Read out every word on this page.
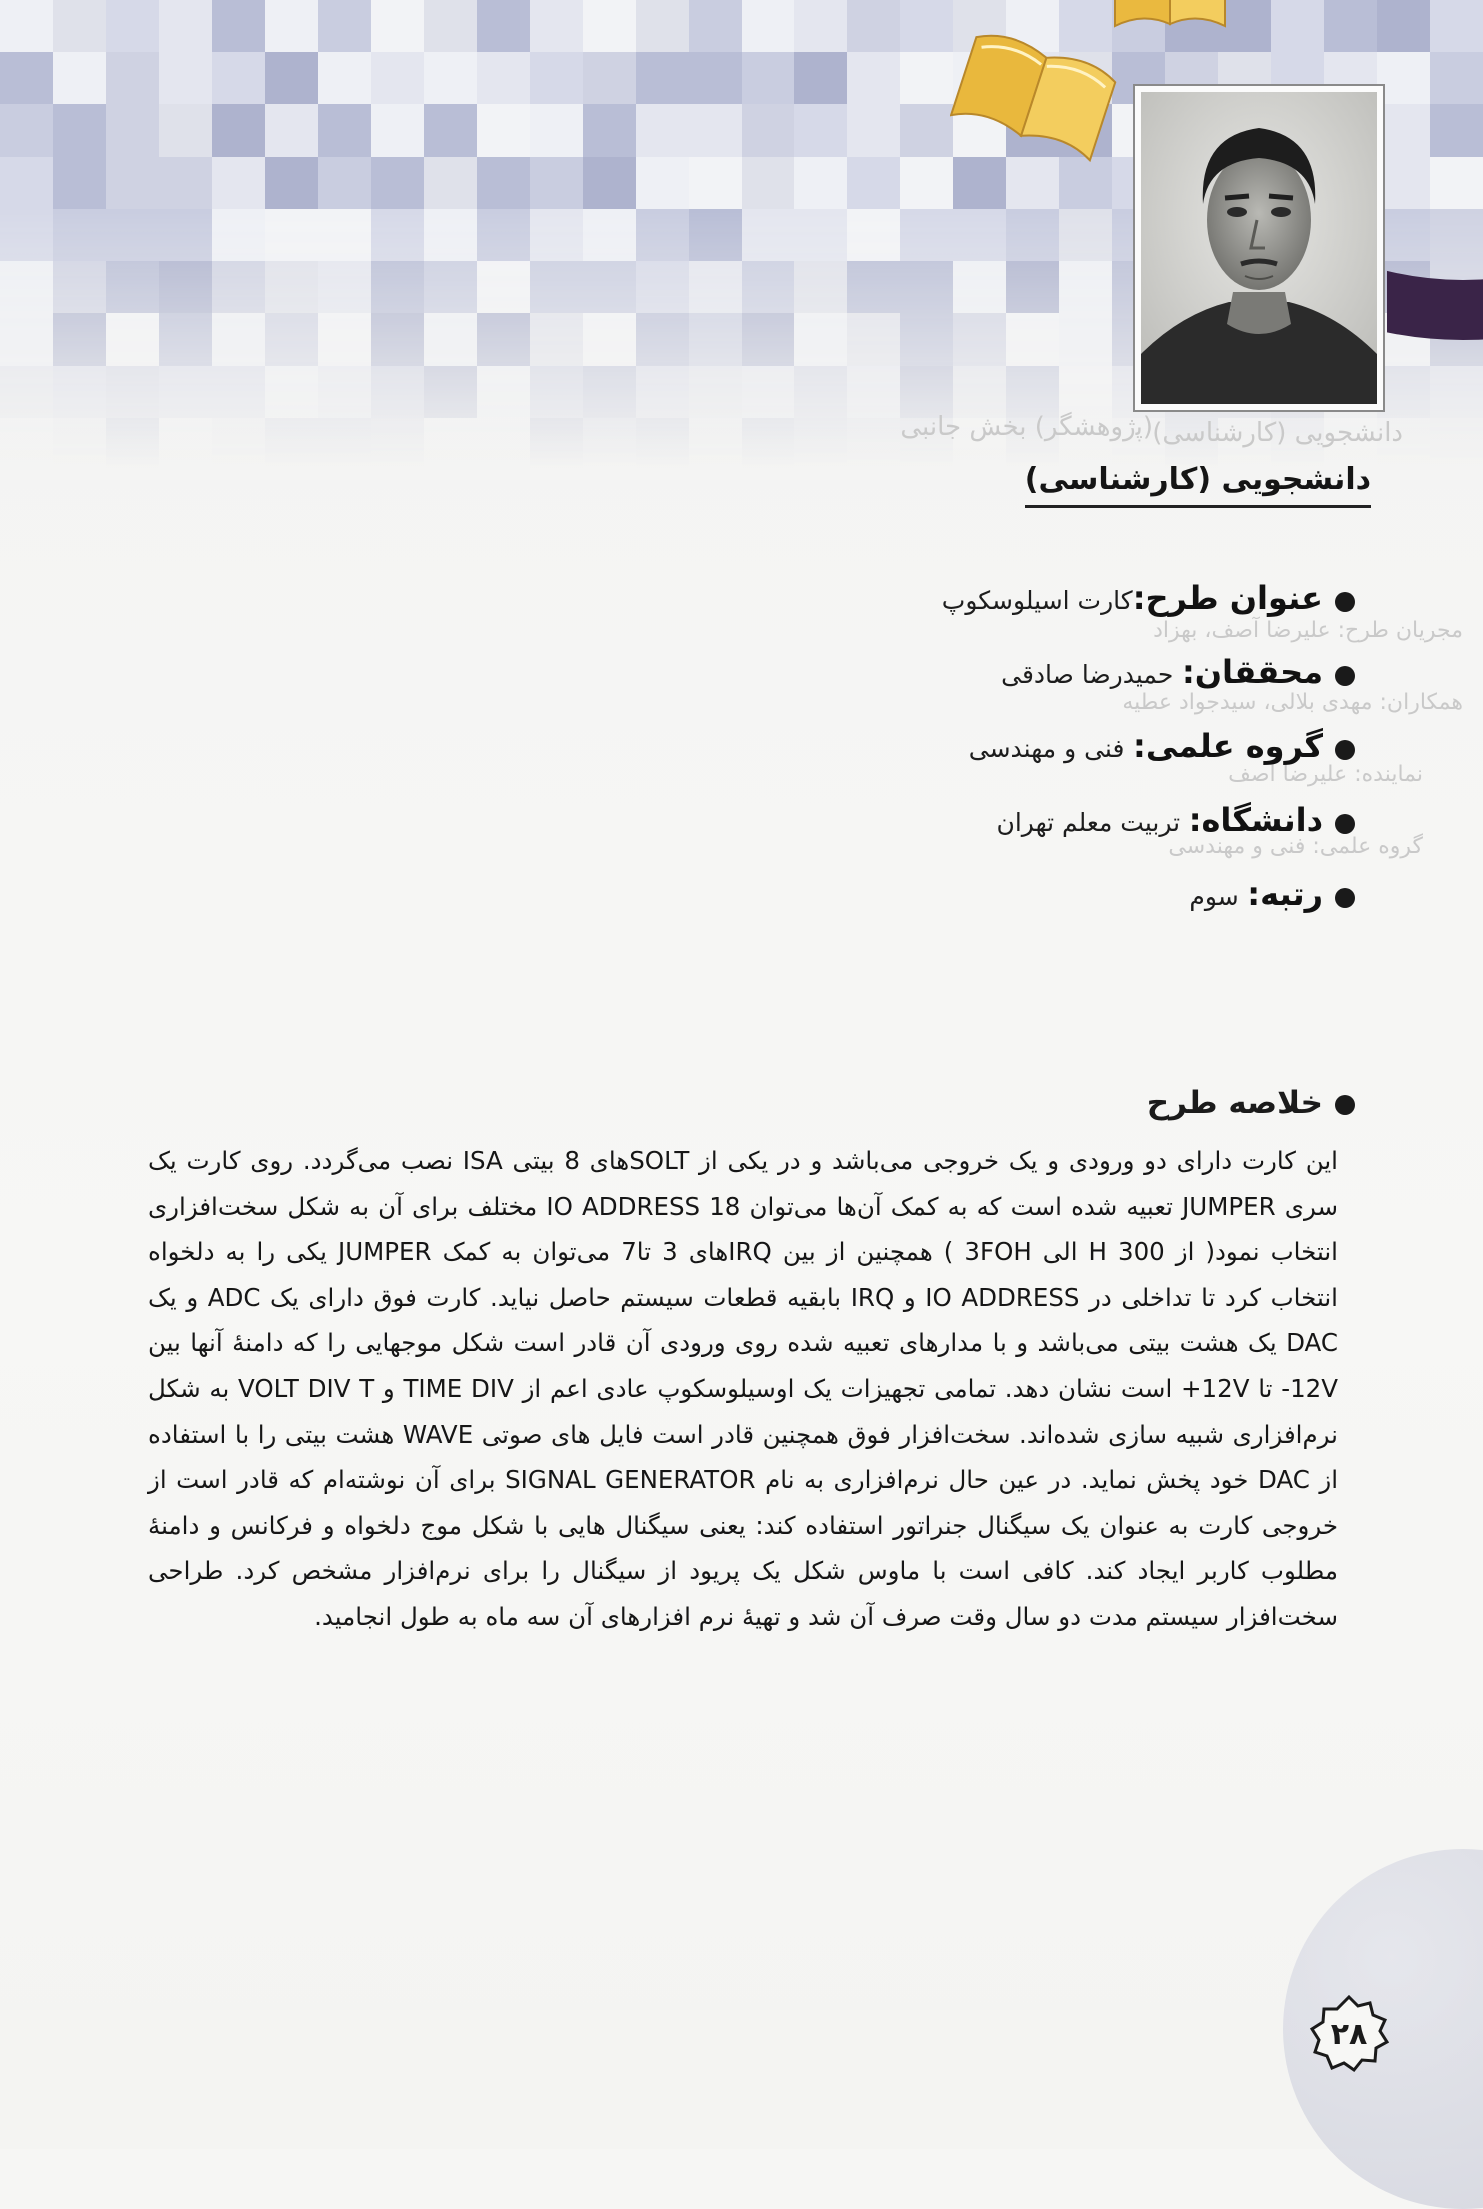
(ﭘژوهشگر) ﺑﺨﺶ ﺟﺎﻧﺒﯽ دانشجویی (کارشناسی)
مجریان طرح: علیرضا آصف، بهزاد
همکاران: مهدی بلالی، سیدجواد عطیه
نماینده: علیرضا آصف
گروه علمی: فنی و مهندسی
دانشجویی (کارشناسی)
عنوان طرح:کارت اسیلوسکوپ
محققان: حمیدرضا صادقی
گروه علمی: فنی و مهندسی
دانشگاه: تربیت معلم تهران
رتبه: سوم
خلاصه طرح
این کارت دارای دو ورودی و یک خروجی می‌باشد و در یکی از SOLTهای 8 بیتی ISA نصب می‌گردد. روی کارت یک سری JUMPER تعبیه شده است که به کمک آن‌ها می‌توان 18 IO ADDRESS مختلف برای آن به شکل سخت‌افزاری انتخاب نمود( از 300 H الی 3FOH ) همچنین از بین IRQهای 3 تا7 می‌توان به کمک JUMPER یکی را به دلخواه انتخاب کرد تا تداخلی در IO ADDRESS و IRQ بابقیه قطعات سیستم حاصل نیاید. کارت فوق دارای یک ADC و یک DAC یک هشت بیتی می‌باشد و با مدارهای تعبیه شده روی ورودی آن قادر است شکل موجهایی را که دامنهٔ آنها بین 12V- تا 12V+ است نشان دهد. تمامی تجهیزات یک اوسیلوسکوپ عادی اعم از TIME DIV و VOLT DIV T به شکل نرم‌افزاری شبیه سازی شده‌اند. سخت‌افزار فوق همچنین قادر است فایل های صوتی WAVE هشت بیتی را با استفاده از DAC خود پخش نماید. در عین حال نرم‌افزاری به نام SIGNAL GENERATOR برای آن نوشته‌ام که قادر است از خروجی کارت به عنوان یک سیگنال جنراتور استفاده کند: یعنی سیگنال هایی با شکل موج دلخواه و فرکانس و دامنهٔ مطلوب کاربر ایجاد کند. کافی است با ماوس شکل یک پریود از سیگنال را برای نرم‌افزار مشخص کرد. طراحی سخت‌افزار سیستم مدت دو سال وقت صرف آن شد و تهیهٔ نرم افزارهای آن سه ماه به طول انجامید.
۲۸
